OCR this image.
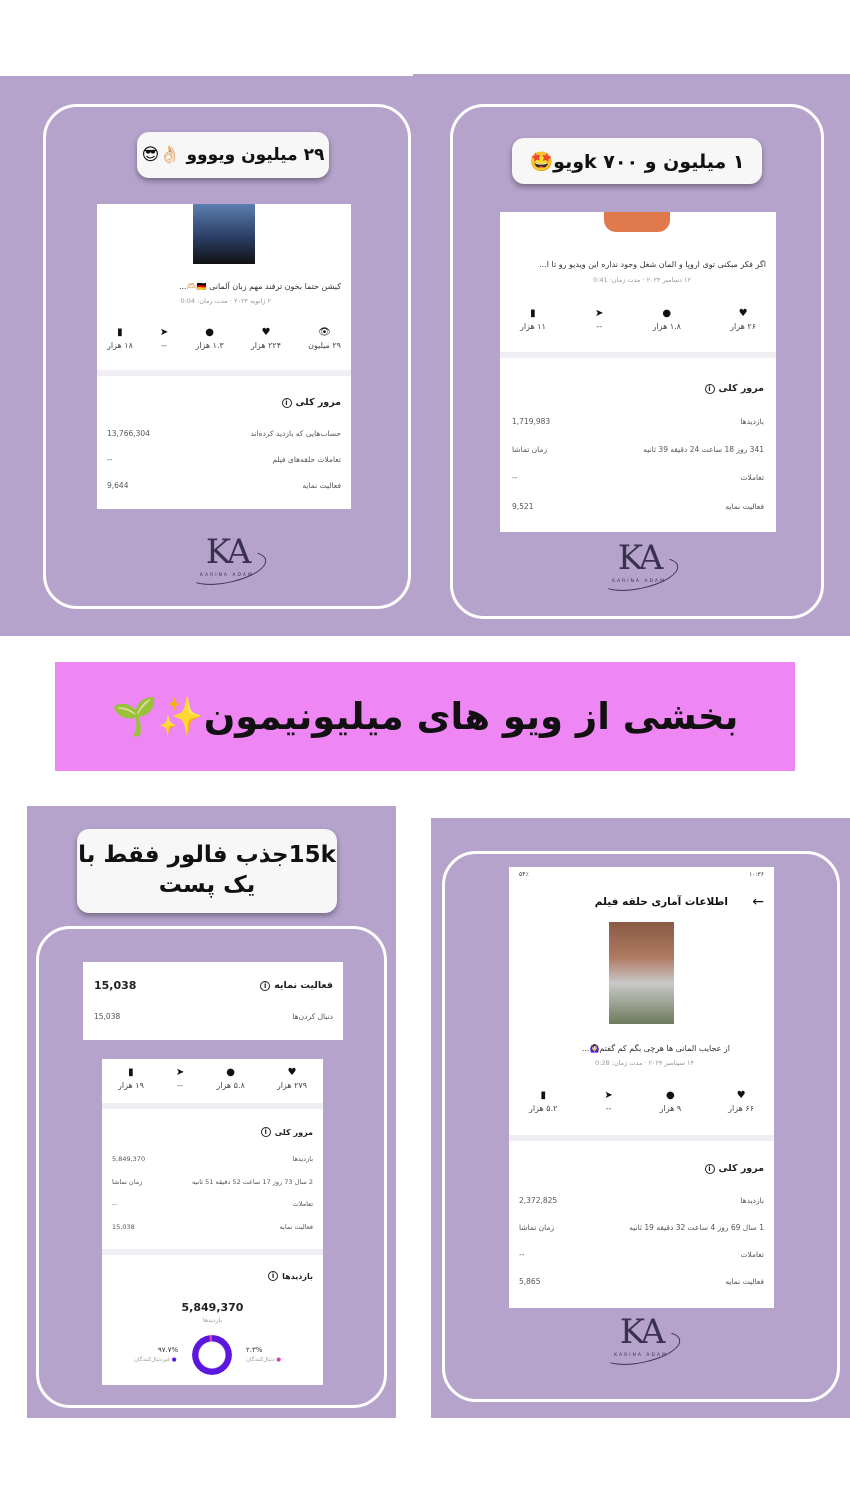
۲۹ میلیون ویووو 👌🏻😎
کیشن حتما بخون ترفند مهم زبان آلمانی 🇩🇪🫶🏻...
۲ ژانویه ۲۰۲۴ · مدت زمان: 0:04
👁
۲۹ میلیون
♥
۲۲۴ هزار
●
۱.۳ هزار
➤
--
▮
۱۸ هزار
مرور کلی
i
13,766,304	حساب‌هایی که بازدید کرده‌اند
--	تعاملات حلقه‌های فیلم
9,644	فعالیت نمایه
KA
KARINA ADAM
۱ میلیون و ۷۰۰ kویو🤩
اگر فکر میکنی توی اروپا و المان شغل وجود نداره این ویدیو رو تا ا...
۱۲ دسامبر ۲۰۲۴ · مدت زمان: 0:41
♥
۲۶ هزار
●
۱.۸ هزار
➤
--
▮
۱۱ هزار
مرور کلی
i
1,719,983	بازدیدها
زمان تماشا	341 روز 18 ساعت 24 دقیقه 39 ثانیه
--	تعاملات
9,521	فعالیت نمایه
KA
KARINA ADAM
بخشی از ویو های میلیونیمون✨🌱
15kجذب فالور فقط با
یک پست
فعالیت نمایه
i
15,038
15,038	دنبال کردن‌ها
♥
۲۷۹ هزار
●
۵.۸ هزار
➤
--
▮
۱۹ هزار
مرور کلی
i
5,849,370	بازدیدها
زمان تماشا	2 سال 73 روز 17 ساعت 52 دقیقه 51 ثانیه
--	تعاملات
15,038	فعالیت نمایه
بازدیدها
i
5,849,370
بازدیدها
۲.۳%
● دنبال‌کنندگان
۹۷.۷%
● غیردنبال‌کنندگان
۵۴٪	۱۰:۳۶
←
اطلاعات آماری حلقه فیلم
از عجایب المانی ها هرچی بگم کم گفتم🙆🏻‍♀️...
۱۴ سپتامبر ۲۰۲۴ · مدت زمان: 0:28
♥
۶۶ هزار
●
۹ هزار
➤
--
▮
۵.۲ هزار
مرور کلی
i
2,372,825	بازدیدها
زمان تماشا	1 سال 69 روز 4 ساعت 32 دقیقه 19 ثانیه
--	تعاملات
5,865	فعالیت نمایه
KA
KARINA ADAM
